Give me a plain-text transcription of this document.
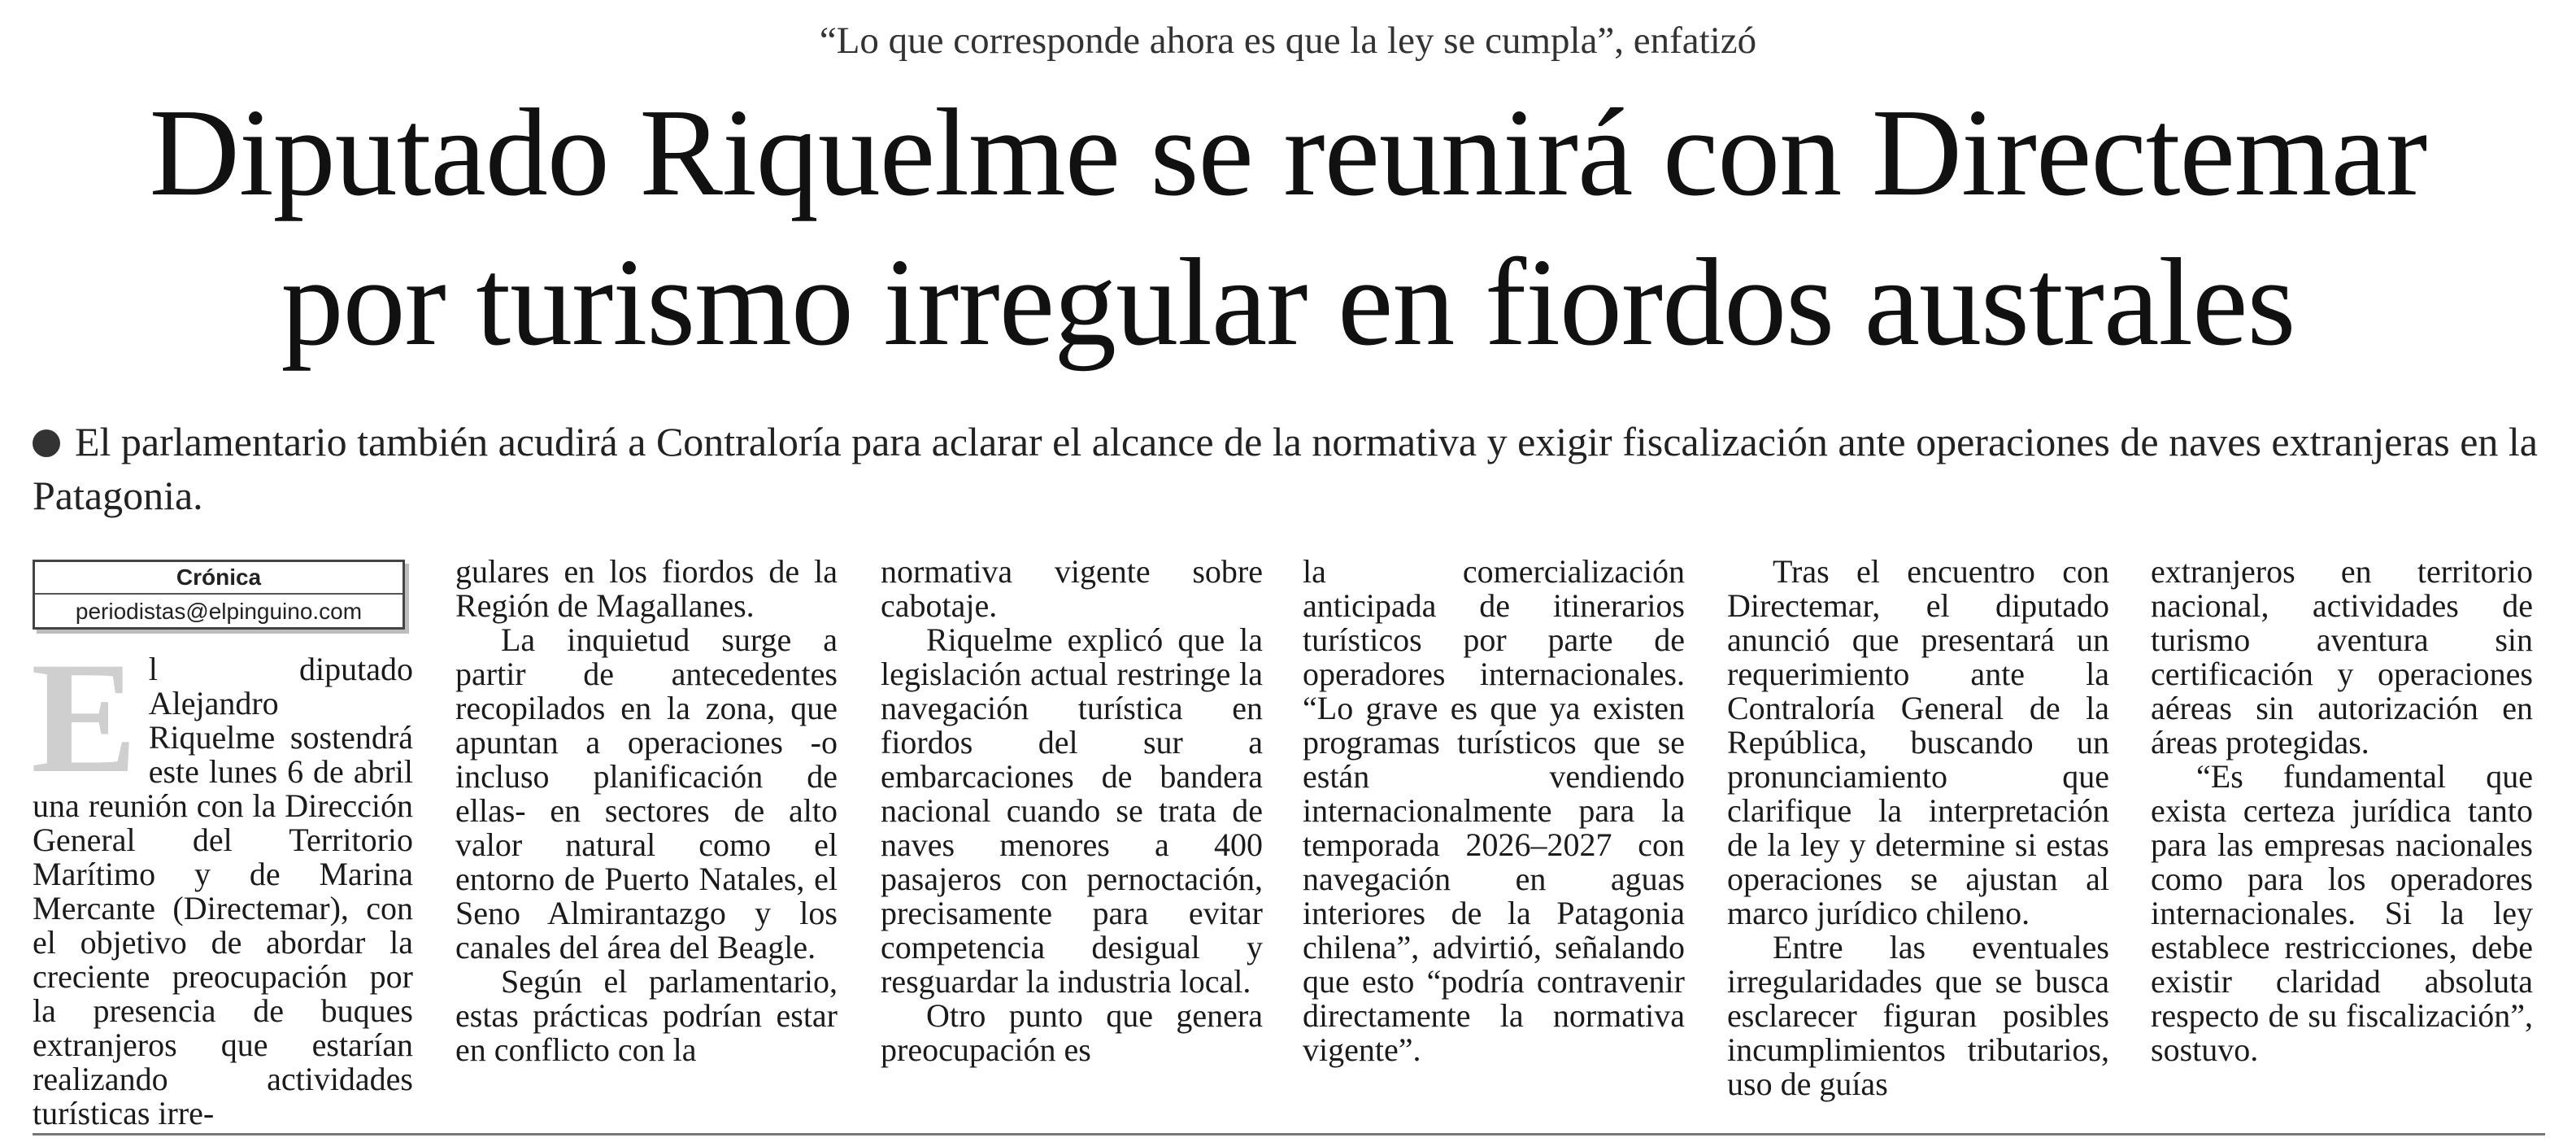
“Lo que corresponde ahora es que la ley se cumpla”, enfatizó
Diputado Riquelme se reunirá con Directemar
por turismo irregular en fiordos australes
El parlamentario también acudirá a Contraloría para aclarar el alcance de la normativa y exigir fiscalización ante operaciones de naves extranjeras en la Patagonia.
Crónica
periodistas@elpinguino.com
E l diputado Alejandro Riquelme sostendrá este lunes 6 de abril una reunión con la Dirección General del Territorio Marítimo y de Marina Mercante (Directemar), con el objetivo de abordar la creciente preocupación por la presencia de buques extranjeros que estarían realizando actividades turísticas irre-

gulares en los fiordos de la Región de Magallanes.

La inquietud surge a partir de antecedentes recopilados en la zona, que apuntan a operaciones -o incluso planificación de ellas- en sectores de alto valor natural como el entorno de Puerto Natales, el Seno Almirantazgo y los canales del área del Beagle.

Según el parlamentario, estas prácticas podrían estar en conflicto con la

normativa vigente sobre cabotaje.

Riquelme explicó que la legislación actual restringe la navegación turística en fiordos del sur a embarcaciones de bandera nacional cuando se trata de naves menores a 400 pasajeros con pernoctación, precisamente para evitar competencia desigual y resguardar la industria local.

Otro punto que genera preocupación es

la comercialización anticipada de itinerarios turísticos por parte de operadores internacionales. “Lo grave es que ya existen programas turísticos que se están vendiendo internacionalmente para la temporada 2026–2027 con navegación en aguas interiores de la Patagonia chilena”, advirtió, señalando que esto “podría contravenir directamente la normativa vigente”.

Tras el encuentro con Directemar, el diputado anunció que presentará un requerimiento ante la Contraloría General de la República, buscando un pronunciamiento que clarifique la interpretación de la ley y determine si estas operaciones se ajustan al marco jurídico chileno.

Entre las eventuales irregularidades que se busca esclarecer figuran posibles incumplimientos tributarios, uso de guías

extranjeros en territorio nacional, actividades de turismo aventura sin certificación y operaciones aéreas sin autorización en áreas protegidas.

“Es fundamental que exista certeza jurídica tanto para las empresas nacionales como para los operadores internacionales. Si la ley establece restricciones, debe existir claridad absoluta respecto de su fiscalización”, sostuvo.
